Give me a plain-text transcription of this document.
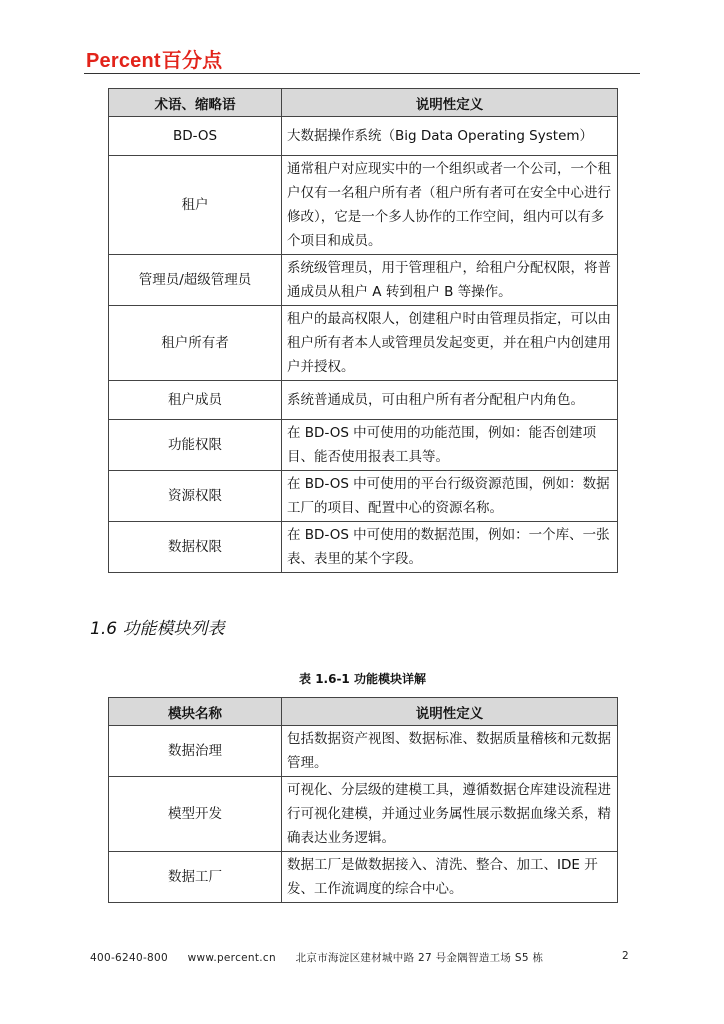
Percent百分点
术语、缩略语	说明性定义
BD-OS	大数据操作系统（Big Data Operating System）
租户	通常租户对应现实中的一个组织或者一个公司，一个租户仅有一名租户所有者（租户所有者可在安全中心进行修改），它是一个多人协作的工作空间，组内可以有多个项目和成员。
管理员/超级管理员	系统级管理员，用于管理租户，给租户分配权限，将普通成员从租户 A 转到租户 B 等操作。
租户所有者	租户的最高权限人，创建租户时由管理员指定，可以由租户所有者本人或管理员发起变更，并在租户内创建用户并授权。
租户成员	系统普通成员，可由租户所有者分配租户内角色。
功能权限	在 BD-OS 中可使用的功能范围，例如：能否创建项目、能否使用报表工具等。
资源权限	在 BD-OS 中可使用的平台行级资源范围，例如：数据工厂的项目、配置中心的资源名称。
数据权限	在 BD-OS 中可使用的数据范围，例如：一个库、一张表、表里的某个字段。
1.6 功能模块列表
表 1.6-1 功能模块详解
模块名称	说明性定义
数据治理	包括数据资产视图、数据标准、数据质量稽核和元数据管理。
模型开发	可视化、分层级的建模工具，遵循数据仓库建设流程进行可视化建模，并通过业务属性展示数据血缘关系，精确表达业务逻辑。
数据工厂	数据工厂是做数据接入、清洗、整合、加工、IDE 开发、工作流调度的综合中心。
400-6240-800 www.percent.cn 北京市海淀区建材城中路 27 号金隅智造工场 S5 栋	2
